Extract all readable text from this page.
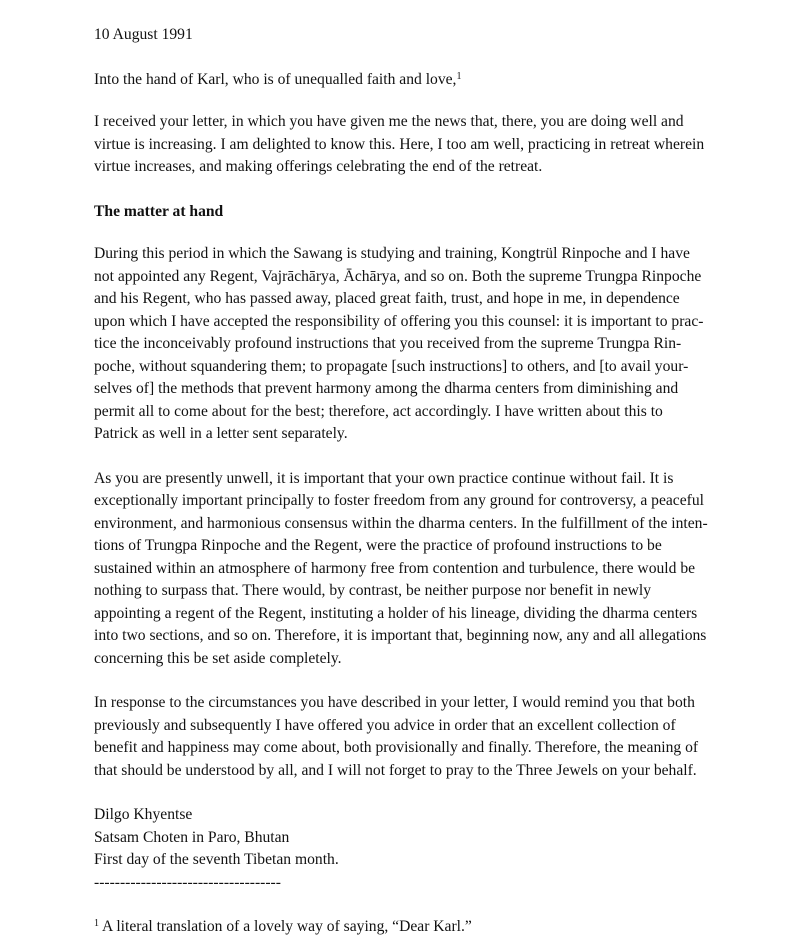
10 August 1991
Into the hand of Karl, who is of unequalled faith and love,$^1$
I received your letter, in which you have given me the news that, there, you are doing well and
virtue is increasing. I am delighted to know this. Here, I too am well, practicing in retreat wherein
virtue increases, and making offerings celebrating the end of the retreat.
The matter at hand
During this period in which the Sawang is studying and training, Kongtrül Rinpoche and I have
not appointed any Regent, Vajrāchārya, Āchārya, and so on. Both the supreme Trungpa Rinpoche
and his Regent, who has passed away, placed great faith, trust, and hope in me, in dependence
upon which I have accepted the responsibility of offering you this counsel: it is important to prac-
tice the inconceivably profound instructions that you received from the supreme Trungpa Rin-
poche, without squandering them; to propagate [such instructions] to others, and [to avail your-
selves of] the methods that prevent harmony among the dharma centers from diminishing and
permit all to come about for the best; therefore, act accordingly. I have written about this to
Patrick as well in a letter sent separately.
As you are presently unwell, it is important that your own practice continue without fail. It is
exceptionally important principally to foster freedom from any ground for controversy, a peaceful
environment, and harmonious consensus within the dharma centers. In the fulfillment of the inten-
tions of Trungpa Rinpoche and the Regent, were the practice of profound instructions to be
sustained within an atmosphere of harmony free from contention and turbulence, there would be
nothing to surpass that. There would, by contrast, be neither purpose nor benefit in newly
appointing a regent of the Regent, instituting a holder of his lineage, dividing the dharma centers
into two sections, and so on. Therefore, it is important that, beginning now, any and all allegations
concerning this be set aside completely.
In response to the circumstances you have described in your letter, I would remind you that both
previously and subsequently I have offered you advice in order that an excellent collection of
benefit and happiness may come about, both provisionally and finally. Therefore, the meaning of
that should be understood by all, and I will not forget to pray to the Three Jewels on your behalf.
Dilgo Khyentse
Satsam Choten in Paro, Bhutan
First day of the seventh Tibetan month.
------------------------------------
$^1$ A literal translation of a lovely way of saying, “Dear Karl.”
